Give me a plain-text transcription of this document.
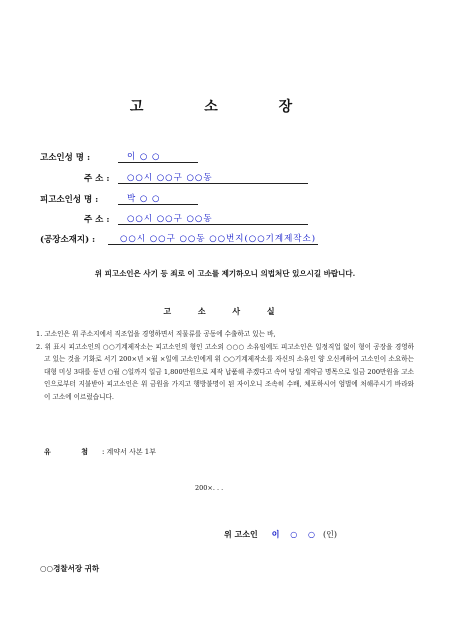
고 소 장
고소인성 명 :	이 ○ ○
주 소 : ○○시 ○○구 ○○동
피고소인성 명 :	박 ○ ○
주 소 : ○○시 ○○구 ○○동
(공장소재지) :	○○시 ○○구 ○○동 ○○번지(○○기계제작소)
위 피고소인은 사기 등 죄로 이 고소를 제기하오니 의법처단 있으시길 바랍니다.
고 소 사 실

1. 고소인은 위 주소지에서 직조업을 경영하면서 직물류를 공동에 수출하고 있는 바,

2. 위 표시 피고소인의 ○○기계제작소는 피고소인의 형인 고소외 ○○○ 소유임에도 피고소인은 일정직업 없이 형이 공장을 경영하고 있는 것을 기화로 서기 200×년 ×월 ×일에 고소인에게 위 ○○기계제작소를 자신의 소유인 양 오신케하여 고소인이 소요하는 대형 미싱 3대를 동년 ○월 ○일까지 일금 1,800만원으로 제작 납품해 주겠다고 속여 당일 계약금 명목으로 일금 200만원을 고소인으로부터 지불받아 피고소인은 위 금원을 가지고 행방불명이 된 자이오니 조속히 수배, 체포하시어 엄벌에 처해주시기 바라와 이 고소에 이르렀습니다.

유 첨: 계약서 사본 1부
200×. . .
위 고소인 이 ○ ○ (인)
○○경찰서장 귀하
